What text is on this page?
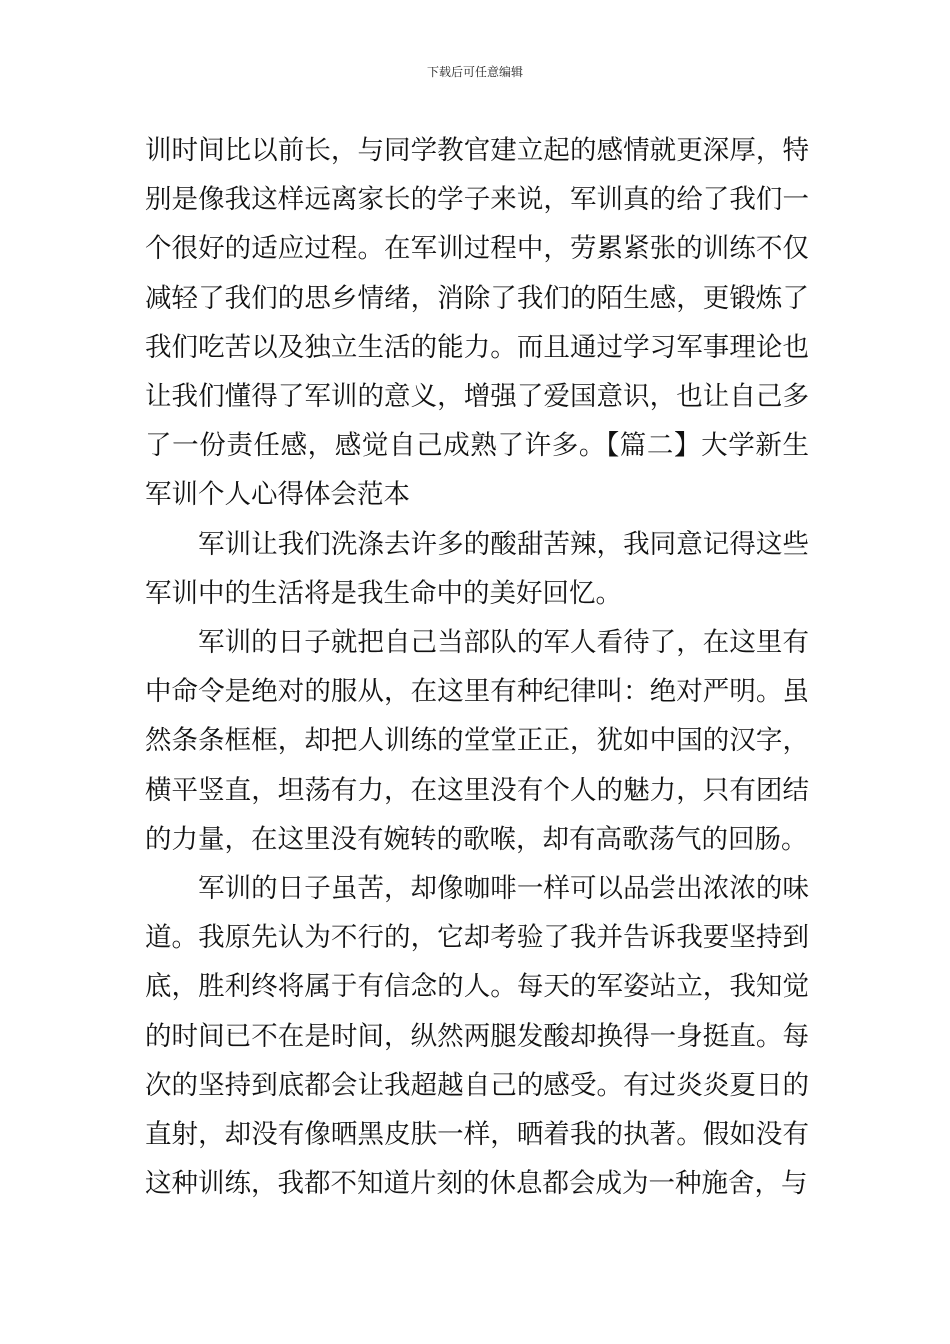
下载后可任意编辑

训时间比以前长，与同学教官建立起的感情就更深厚，特别是像我这样远离家长的学子来说，军训真的给了我们一个很好的适应过程。在军训过程中，劳累紧张的训练不仅减轻了我们的思乡情绪，消除了我们的陌生感，更锻炼了我们吃苦以及独立生活的能力。而且通过学习军事理论也让我们懂得了军训的意义，增强了爱国意识，也让自己多了一份责任感，感觉自己成熟了许多。【篇二】大学新生军训个人心得体会范本

军训让我们洗涤去许多的酸甜苦辣，我同意记得这些军训中的生活将是我生命中的美好回忆。

军训的日子就把自己当部队的军人看待了，在这里有中命令是绝对的服从，在这里有种纪律叫：绝对严明。虽然条条框框，却把人训练的堂堂正正，犹如中国的汉字，横平竖直，坦荡有力，在这里没有个人的魅力，只有团结的力量，在这里没有婉转的歌喉，却有高歌荡气的回肠。

军训的日子虽苦，却像咖啡一样可以品尝出浓浓的味道。我原先认为不行的，它却考验了我并告诉我要坚持到底，胜利终将属于有信念的人。每天的军姿站立，我知觉的时间已不在是时间，纵然两腿发酸却换得一身挺直。每次的坚持到底都会让我超越自己的感受。有过炎炎夏日的直射，却没有像晒黑皮肤一样，晒着我的执著。假如没有这种训练，我都不知道片刻的休息都会成为一种施舍，与
